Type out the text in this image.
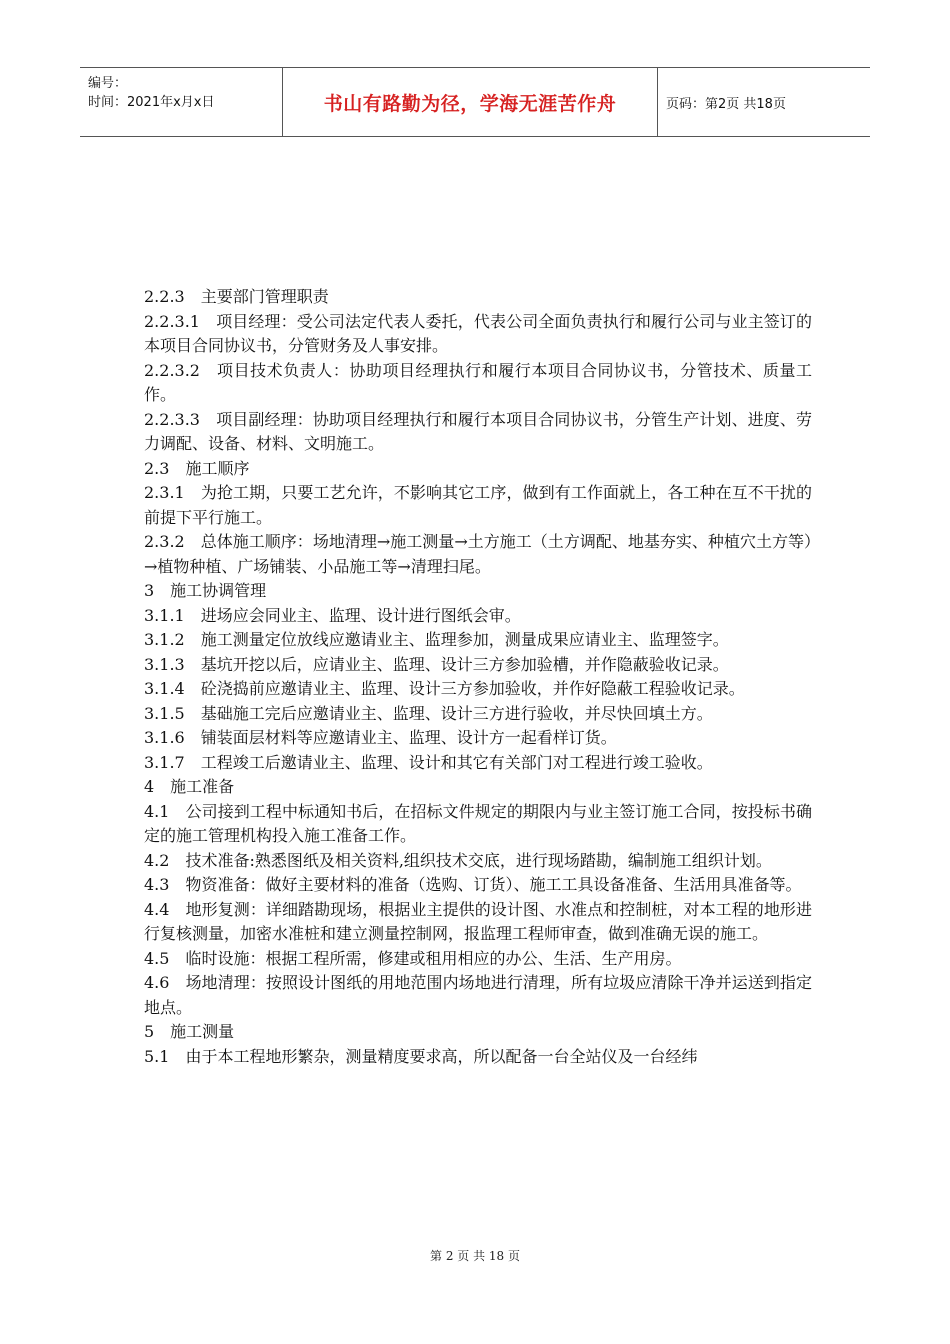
编号：
时间：2021年x月x日	书山有路勤为径，学海无涯苦作舟	页码：第2页 共18页

2.2.3　主要部门管理职责

2.2.3.1　项目经理：受公司法定代表人委托，代表公司全面负责执行和履行公司与业主签订的本项目合同协议书，分管财务及人事安排。

2.2.3.2　项目技术负责人：协助项目经理执行和履行本项目合同协议书，分管技术、质量工作。

2.2.3.3　项目副经理：协助项目经理执行和履行本项目合同协议书，分管生产计划、进度、劳力调配、设备、材料、文明施工。

2.3　施工顺序

2.3.1　为抢工期，只要工艺允许，不影响其它工序，做到有工作面就上，各工种在互不干扰的前提下平行施工。

2.3.2　总体施工顺序：场地清理→施工测量→土方施工（土方调配、地基夯实、种植穴土方等）→植物种植、广场铺装、小品施工等→清理扫尾。

3　施工协调管理

3.1.1　进场应会同业主、监理、设计进行图纸会审。

3.1.2　施工测量定位放线应邀请业主、监理参加，测量成果应请业主、监理签字。

3.1.3　基坑开挖以后，应请业主、监理、设计三方参加验槽，并作隐蔽验收记录。

3.1.4　砼浇捣前应邀请业主、监理、设计三方参加验收，并作好隐蔽工程验收记录。

3.1.5　基础施工完后应邀请业主、监理、设计三方进行验收，并尽快回填土方。

3.1.6　铺装面层材料等应邀请业主、监理、设计方一起看样订货。

3.1.7　工程竣工后邀请业主、监理、设计和其它有关部门对工程进行竣工验收。

4　施工准备

4.1　公司接到工程中标通知书后，在招标文件规定的期限内与业主签订施工合同，按投标书确定的施工管理机构投入施工准备工作。

4.2　技术准备:熟悉图纸及相关资料,组织技术交底，进行现场踏勘，编制施工组织计划。

4.3　物资准备：做好主要材料的准备（选购、订货）、施工工具设备准备、生活用具准备等。

4.4　地形复测：详细踏勘现场，根据业主提供的设计图、水准点和控制桩，对本工程的地形进行复核测量，加密水准桩和建立测量控制网，报监理工程师审查，做到准确无误的施工。

4.5　临时设施：根据工程所需，修建或租用相应的办公、生活、生产用房。

4.6　场地清理：按照设计图纸的用地范围内场地进行清理，所有垃圾应清除干净并运送到指定地点。

5　施工测量

5.1　由于本工程地形繁杂，测量精度要求高，所以配备一台全站仪及一台经纬

第 2 页 共 18 页
